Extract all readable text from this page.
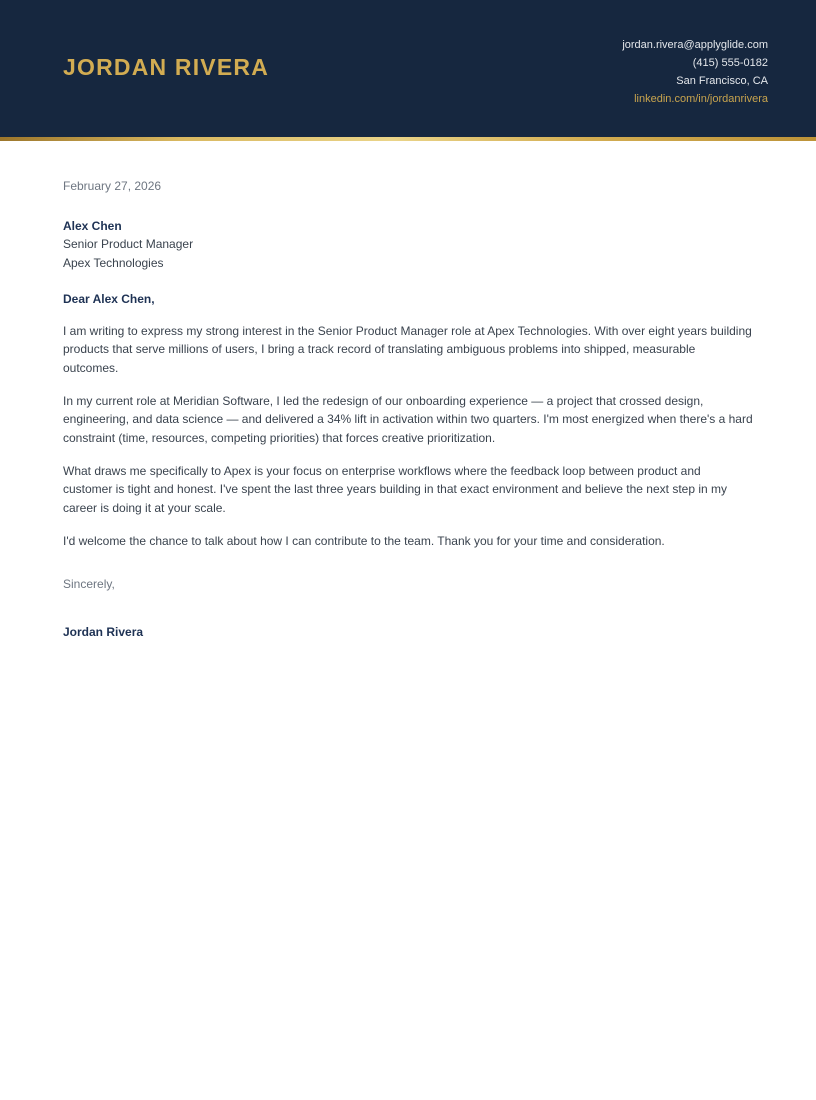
JORDAN RIVERA
jordan.rivera@applyglide.com
(415) 555-0182
San Francisco, CA
linkedin.com/in/jordanrivera

February 27, 2026

Alex Chen

Senior Product Manager

Apex Technologies

Dear Alex Chen,

I am writing to express my strong interest in the Senior Product Manager role at Apex Technologies. With over eight years building products that serve millions of users, I bring a track record of translating ambiguous problems into shipped, measurable outcomes.

In my current role at Meridian Software, I led the redesign of our onboarding experience — a project that crossed design, engineering, and data science — and delivered a 34% lift in activation within two quarters. I'm most energized when there's a hard constraint (time, resources, competing priorities) that forces creative prioritization.

What draws me specifically to Apex is your focus on enterprise workflows where the feedback loop between product and customer is tight and honest. I've spent the last three years building in that exact environment and believe the next step in my career is doing it at your scale.

I'd welcome the chance to talk about how I can contribute to the team. Thank you for your time and consideration.

Sincerely,

Jordan Rivera
